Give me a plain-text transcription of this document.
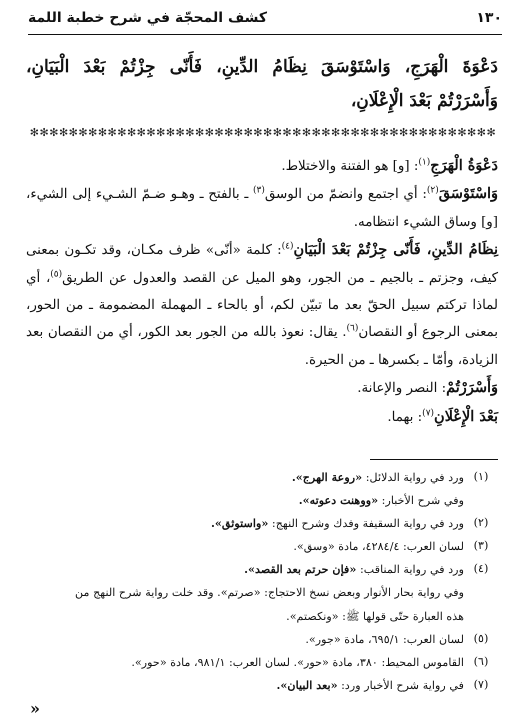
١٣٠
كشف المحجّة في شرح خطبة اللمة
دَعْوَةَ الْهَرَجِ، وَاسْتَوْسَقَ نِظَامُ الدِّينِ، فَأَنّى جِزْتُمْ بَعْدَ الْبَيَانِ، وَأَسْرَرْتُمْ بَعْدَ الْإِعْلَانِ،
✻✻✻✻✻✻✻✻✻✻✻✻✻✻✻✻✻✻✻✻✻✻✻✻✻✻✻✻✻✻✻✻✻✻✻✻✻✻✻✻✻✻✻✻✻✻✻✻

دَعْوَةُ الْهَرَجِ$^{(١)}$: [و] هو الفتنة والاختلاط.

وَاسْتَوْسَقَ$^{(٢)}$: أي اجتمع وانضمّ من الوسق$^{(٣)}$ ـ بالفتح ـ وهـو ضـمّ الشـيء إلى الشيء، [و] وساق الشيء انتظامه.

نِظَامُ الدِّينِ، فَأَنّى جِزْتُمْ بَعْدَ الْبَيَانِ$^{(٤)}$: كلمة «أنّى» ظرف مكـان، وقد تكـون بمعنى كيف، وجزتم ـ بالجيم ـ من الجور، وهو الميل عن القصد والعدول عن الطريق$^{(٥)}$، أي لماذا تركتم سبيل الحقّ بعد ما تبيّن لكم، أو بالحاء ـ المهملة المضمومة ـ من الحور، بمعنى الرجوع أو النقصان$^{(٦)}$. يقال: نعوذ بالله من الجور بعد الكور، أي من النقصان بعد الزيادة، وأمّا ـ بكسرها ـ من الحيرة.

وَأَسْرَرْتُمْ: النصر والإعانة.

بَعْدَ الْإِعْلَانِ$^{(٧)}$: بهما.

(١)
ورد في رواية الدلائل: «روعة الهرج».
وفي شرح الأخبار: «ووهنت دعوته».
(٢)
ورد في رواية السقيفة وفدك وشرح النهج: «واستوثق».
(٣)
لسان العرب: ٤٢٨٤/٤، مادة «وسق».
(٤)
ورد في رواية المناقب: «فإن حرتم بعد القصد».
وفي رواية بحار الأنوار وبعض نسخ الاحتجاج: «صرتم». وقد خلت رواية شرح النهج من
هذه العبارة حتّى قولها ﷺ: «ونكصتم».
(٥)
لسان العرب: ٦٩٥/١، مادة «جور».
(٦)
القاموس المحيط: ٣٨٠، مادة «حور». لسان العرب: ٩٨١/١، مادة «حور».
(٧)
في رواية شرح الأخبار ورد: «بعد البيان».
«
